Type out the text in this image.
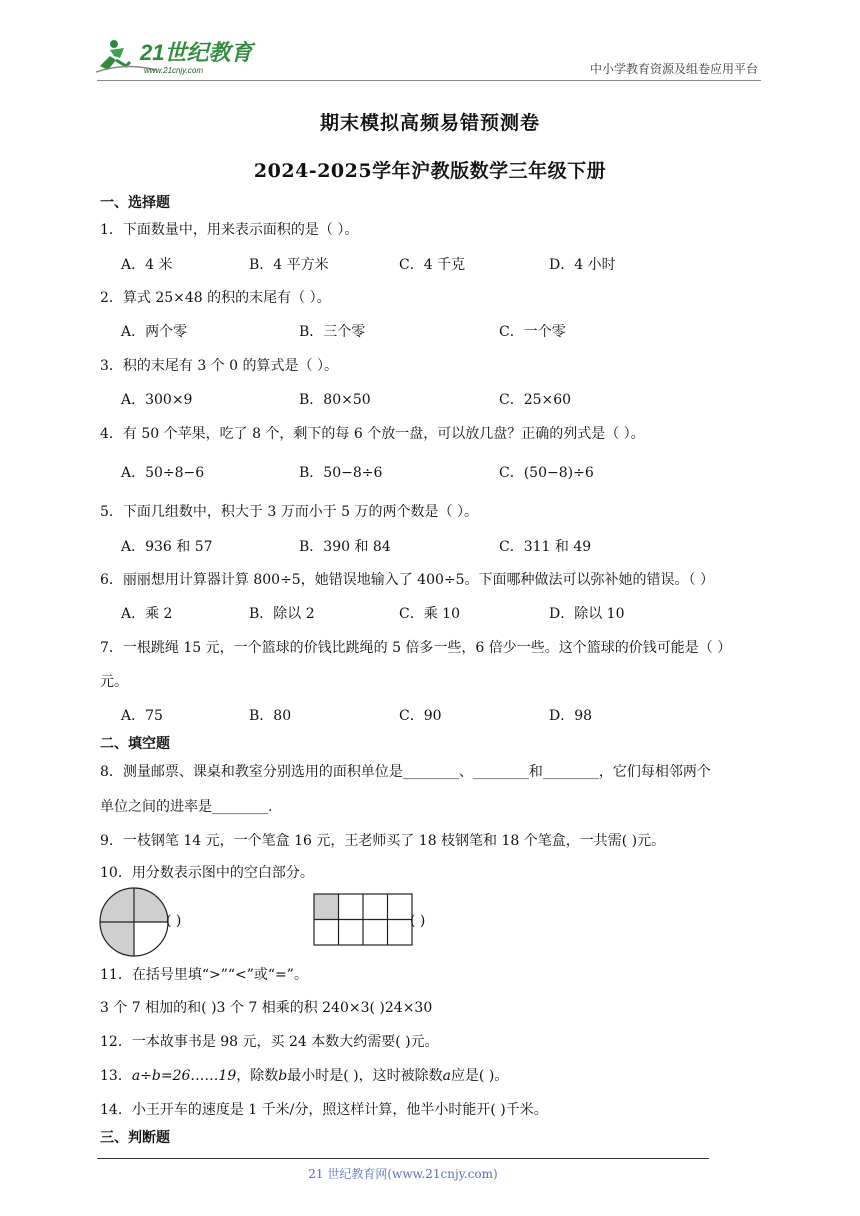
21世纪教育
www.21cnjy.com	中小学教育资源及组卷应用平台
期末模拟高频易错预测卷
2024-2025学年沪教版数学三年级下册
一、选择题
1．下面数量中，用来表示面积的是（ ）。
A．4 米	B．4 平方米	C．4 千克	D．4 小时
2．算式 25×48 的积的末尾有（ ）。
A．两个零	B．三个零	C．一个零
3．积的末尾有 3 个 0 的算式是（ ）。
A．300×9	B．80×50	C．25×60
4．有 50 个苹果，吃了 8 个，剩下的每 6 个放一盘，可以放几盘？正确的列式是（ ）。
A．50÷8−6	B．50−8÷6	C．(50−8)÷6
5．下面几组数中，积大于 3 万而小于 5 万的两个数是（ ）。
A．936 和 57	B．390 和 84	C．311 和 49
6．丽丽想用计算器计算 800÷5，她错误地输入了 400÷5。下面哪种做法可以弥补她的错误。（ ）
A．乘 2	B．除以 2	C．乘 10	D．除以 10
7．一根跳绳 15 元，一个篮球的价钱比跳绳的 5 倍多一些，6 倍少一些。这个篮球的价钱可能是（ ）
元。
A．75	B．80	C．90	D．98
二、填空题
8．测量邮票、课桌和教室分别选用的面积单位是________、________和________，它们每相邻两个
单位之间的进率是________.
9．一枝钢笔 14 元，一个笔盒 16 元，王老师买了 18 枝钢笔和 18 个笔盒，一共需( )元。
10．用分数表示图中的空白部分。
( )	( )
11．在括号里填“>”“<”或“=”。
3 个 7 相加的和( )3 个 7 相乘的积 240×3( )24×30
12．一本故事书是 98 元，买 24 本数大约需要( )元。
13．a÷b=26……19，除数b最小时是( )，这时被除数a应是( )。
14．小王开车的速度是 1 千米/分，照这样计算，他半小时能开( )千米。
三、判断题
21 世纪教育网(www.21cnjy.com)
